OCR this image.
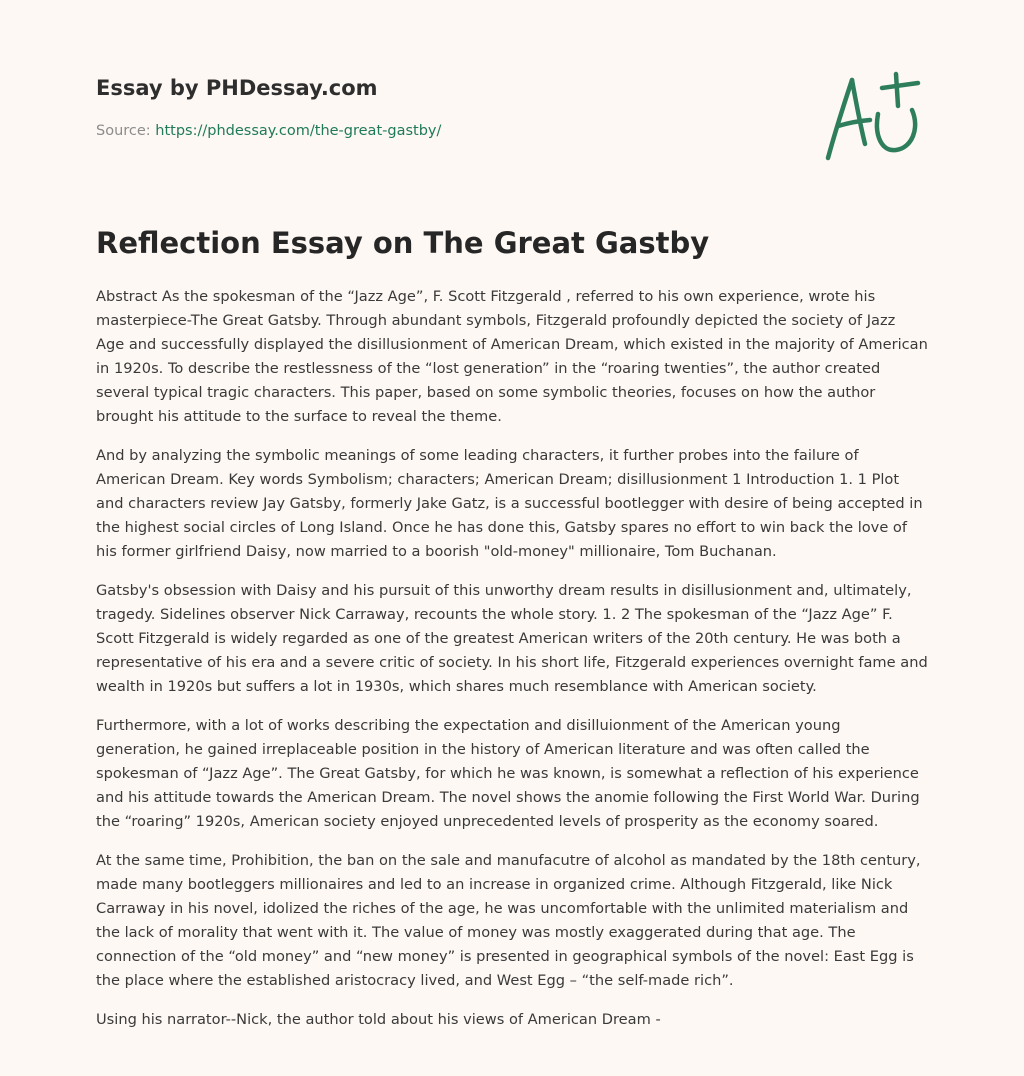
Essay by PHDessay.com
Source: https://phdessay.com/the-great-gastby/
Reflection Essay on The Great Gastby

Abstract As the spokesman of the “Jazz Age”, F. Scott Fitzgerald , referred to his own experience, wrote his masterpiece-The Great Gatsby. Through abundant symbols, Fitzgerald profoundly depicted the society of Jazz Age and successfully displayed the disillusionment of American Dream, which existed in the majority of American in 1920s. To describe the restlessness of the “lost generation” in the “roaring twenties”, the author created several typical tragic characters. This paper, based on some symbolic theories, focuses on how the author brought his attitude to the surface to reveal the theme.

And by analyzing the symbolic meanings of some leading characters, it further probes into the failure of American Dream. Key words Symbolism; characters; American Dream; disillusionment 1 Introduction 1. 1 Plot and characters review Jay Gatsby, formerly Jake Gatz, is a successful bootlegger with desire of being accepted in the highest social circles of Long Island. Once he has done this, Gatsby spares no effort to win back the love of his former girlfriend Daisy, now married to a boorish "old-money" millionaire, Tom Buchanan.

Gatsby's obsession with Daisy and his pursuit of this unworthy dream results in disillusionment and, ultimately, tragedy. Sidelines observer Nick Carraway, recounts the whole story. 1. 2 The spokesman of the “Jazz Age” F. Scott Fitzgerald is widely regarded as one of the greatest American writers of the 20th century. He was both a representative of his era and a severe critic of society. In his short life, Fitzgerald experiences overnight fame and wealth in 1920s but suffers a lot in 1930s, which shares much resemblance with American society.

Furthermore, with a lot of works describing the expectation and disilluionment of the American young generation, he gained irreplaceable position in the history of American literature and was often called the spokesman of “Jazz Age”. The Great Gatsby, for which he was known, is somewhat a reflection of his experience and his attitude towards the American Dream. The novel shows the anomie following the First World War. During the “roaring” 1920s, American society enjoyed unprecedented levels of prosperity as the economy soared.

At the same time, Prohibition, the ban on the sale and manufacutre of alcohol as mandated by the 18th century, made many bootleggers millionaires and led to an increase in organized crime. Although Fitzgerald, like Nick Carraway in his novel, idolized the riches of the age, he was uncomfortable with the unlimited materialism and the lack of morality that went with it. The value of money was mostly exaggerated during that age. The connection of the “old money” and “new money” is presented in geographical symbols of the novel: East Egg is the place where the established aristocracy lived, and West Egg – “the self-made rich”.

Using his narrator--Nick, the author told about his views of American Dream -
